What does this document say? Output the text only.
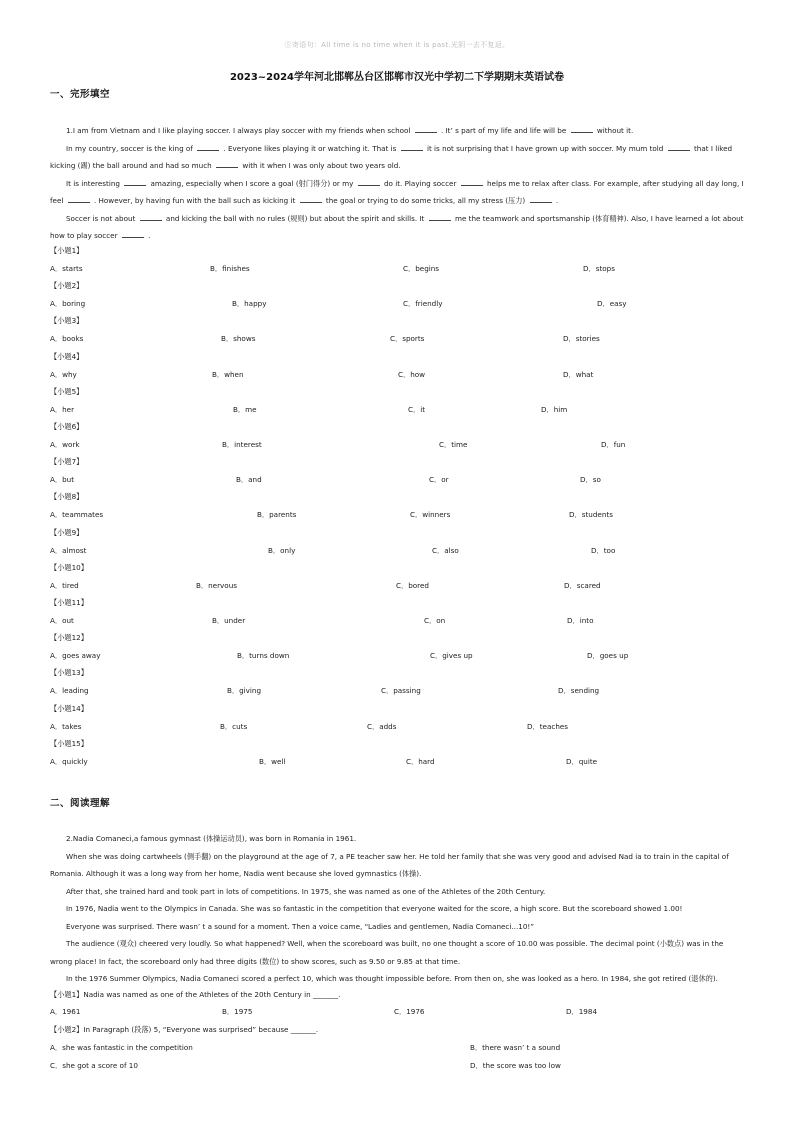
Ⓢ寄语句：All time is no time when it is past.光阴一去不复返。
2023~2024学年河北邯郸丛台区邯郸市汉光中学初二下学期期末英语试卷
一、完形填空

1.I am from Vietnam and I like playing soccer. I always play soccer with my friends when school	. It’ s part of my life and life will be	without it.

In my country, soccer is the king of	. Everyone likes playing it or watching it. That is	it is not surprising that I have grown up with soccer. My mum told	that I liked kicking (踢) the ball around and had so much	with it when I was only about two years old.

It is interesting	amazing, especially when I score a goal (射门得分) or my	do it. Playing soccer	helps me to relax after class. For example, after studying all day long, I feel	. However, by having fun with the ball such as kicking it	the goal or trying to do some tricks, all my stress (压力)	.

Soccer is not about	and kicking the ball with no rules (规则) but about the spirit and skills. It	me the teamwork and sportsmanship (体育精神). Also, I have learned a lot about how to play soccer	.

【小题1】
A．starts	B．finishes	C．begins	D．stops
【小题2】
A．boring	B．happy	C．friendly	D．easy
【小题3】
A．books	B．shows	C．sports	D．stories
【小题4】
A．why	B．when	C．how	D．what
【小题5】
A．her	B．me	C．it	D．him
【小题6】
A．work	B．interest	C．time	D．fun
【小题7】
A．but	B．and	C．or	D．so
【小题8】
A．teammates	B．parents	C．winners	D．students
【小题9】
A．almost	B．only	C．also	D．too
【小题10】
A．tired	B．nervous	C．bored	D．scared
【小题11】
A．out	B．under	C．on	D．into
【小题12】
A．goes away	B．turns down	C．gives up	D．goes up
【小题13】
A．leading	B．giving	C．passing	D．sending
【小题14】
A．takes	B．cuts	C．adds	D．teaches
【小题15】
A．quickly	B．well	C．hard	D．quite
二、阅读理解

2.Nadia Comaneci,a famous gymnast (体操运动员), was born in Romania in 1961.

When she was doing cartwheels (侧手翻) on the playground at the age of 7, a PE teacher saw her. He told her family that she was very good and advised Nad ia to train in the capital of Romania. Although it was a long way from her home, Nadia went because she loved gymnastics (体操).

After that, she trained hard and took part in lots of competitions. In 1975, she was named as one of the Athletes of the 20th Century.

In 1976, Nadia went to the Olympics in Canada. She was so fantastic in the competition that everyone waited for the score, a high score. But the scoreboard showed 1.00!

Everyone was surprised. There wasn’ t a sound for a moment. Then a voice came, “Ladies and gentlemen, Nadia Comaneci...10!”

The audience (观众) cheered very loudly. So what happened? Well, when the scoreboard was built, no one thought a score of 10.00 was possible. The decimal point (小数点) was in the wrong place! In fact, the scoreboard only had three digits (数位) to show scores, such as 9.50 or 9.85 at that time.

In the 1976 Summer Olympics, Nadia Comaneci scored a perfect 10, which was thought impossible before. From then on, she was looked as a hero. In 1984, she got retired (退休的).

【小题1】Nadia was named as one of the Athletes of the 20th Century in _______.
A．1961	B．1975	C．1976	D．1984
【小题2】In Paragraph (段落) 5, “Everyone was surprised” because _______.
A．she was fantastic in the competition	B．there wasn’ t a sound
C．she got a score of 10	D．the score was too low
